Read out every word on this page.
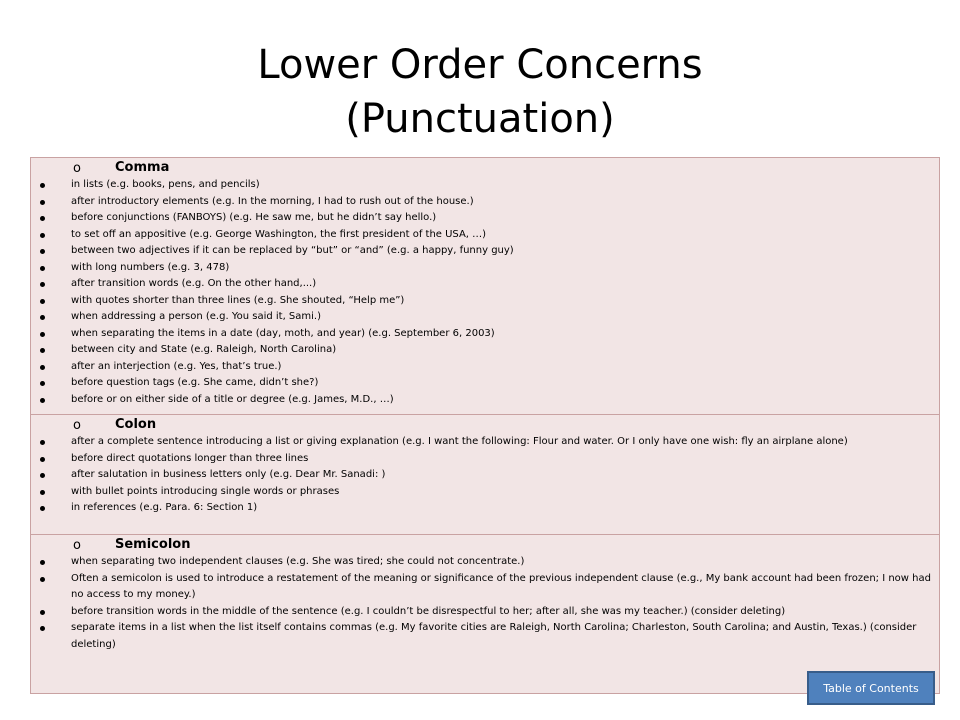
Lower Order Concerns
(Punctuation)
o	Comma
in lists (e.g. books, pens, and pencils)
after introductory elements (e.g. In the morning, I had to rush out of the house.)
before conjunctions (FANBOYS) (e.g. He saw me, but he didn’t say hello.)
to set off an appositive (e.g. George Washington, the first president of the USA, …)
between two adjectives if it can be replaced by “but” or “and” (e.g. a happy, funny guy)
with long numbers (e.g. 3, 478)
after transition words (e.g. On the other hand,...)
with quotes shorter than three lines (e.g. She shouted, “Help me”)
when addressing a person (e.g. You said it, Sami.)
when separating the items in a date (day, moth, and year) (e.g. September 6, 2003)
between city and State (e.g. Raleigh, North Carolina)
after an interjection (e.g. Yes, that’s true.)
before question tags (e.g. She came, didn’t she?)
before or on either side of a title or degree (e.g. James, M.D., …)
o	Colon
after a complete sentence introducing a list or giving explanation (e.g. I want the following: Flour and water. Or I only have one wish: fly an airplane alone)
before direct quotations longer than three lines
after salutation in business letters only (e.g. Dear Mr. Sanadi: )
with bullet points introducing single words or phrases
in references (e.g. Para. 6: Section 1)
o	Semicolon
when separating two independent clauses (e.g. She was tired; she could not concentrate.)
Often a semicolon is used to introduce a restatement of the meaning or significance of the previous independent clause (e.g., My bank account had been frozen; I now had no access to my money.)
before transition words in the middle of the sentence (e.g. I couldn’t be disrespectful to her; after all, she was my teacher.) (consider deleting)
separate items in a list when the list itself contains commas (e.g. My favorite cities are Raleigh, North Carolina; Charleston, South Carolina; and Austin, Texas.) (consider deleting)
Table of Contents
